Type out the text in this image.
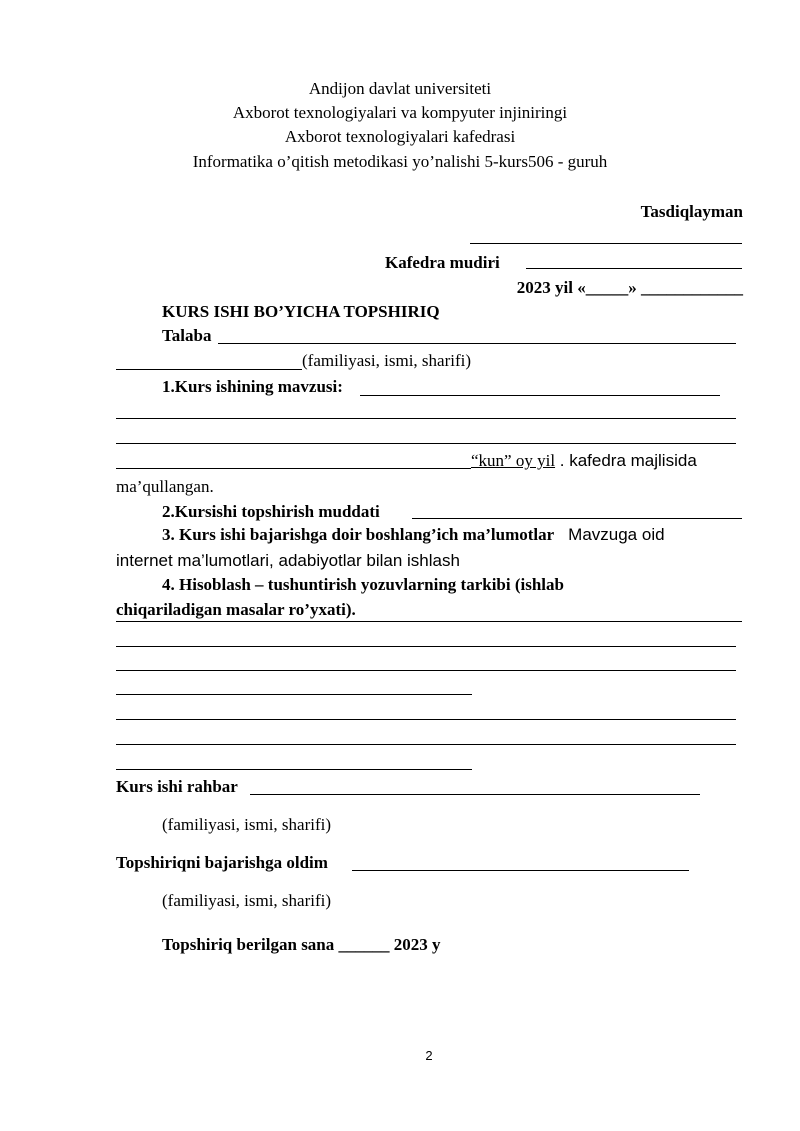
Andijon davlat universiteti
Axborot texnologiyalari va kompyuter injiniringi
Axborot texnologiyalari kafedrasi
Informatika o’qitish metodikasi yo’nalishi 5-kurs506 - guruh
Tasdiqlayman
Kafedra mudiri
2023 yil «_____» ____________
KURS ISHI BO’YICHA TOPSHIRIQ
Talaba
(familiyasi, ismi, sharifi)
1.Kurs ishining mavzusi:
“kun” oy yil . kafedra majlisida
ma’qullangan.
2.Kursishi topshirish muddati
3. Kurs ishi bajarishga doir boshlang’ich ma’lumotlar Mavzuga oid
internet ma’lumotlari, adabiyotlar bilan ishlash
4. Hisoblash – tushuntirish yozuvlarning tarkibi (ishlab
chiqariladigan masalar ro’yxati).
Kurs ishi rahbar
(familiyasi, ismi, sharifi)
Topshiriqni bajarishga oldim
(familiyasi, ismi, sharifi)
Topshiriq berilgan sana ______ 2023 y
2
